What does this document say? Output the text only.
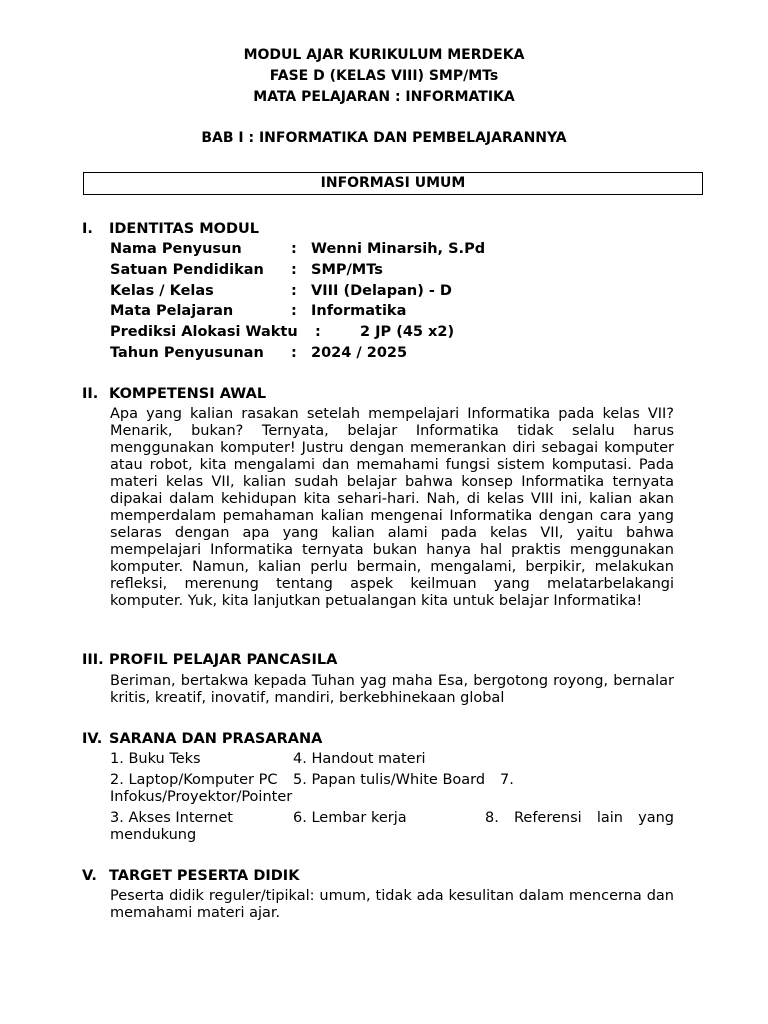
MODUL AJAR KURIKULUM MERDEKA
FASE D (KELAS VIII) SMP/MTs
MATA PELAJARAN : INFORMATIKA
BAB I : INFORMATIKA DAN PEMBELAJARANNYA
INFORMASI UMUM
I. IDENTITAS MODUL
Nama Penyusun	: Wenni Minarsih, S.Pd
Satuan Pendidikan : SMP/MTs
Kelas / Kelas	: VIII (Delapan) - D
Mata Pelajaran	: Informatika
Prediksi Alokasi Waktu :	2 JP (45 x2)
Tahun Penyusunan : 2024 / 2025
II. KOMPETENSI AWAL

Apa yang kalian rasakan setelah mempelajari Informatika pada kelas VII? Menarik, bukan? Ternyata, belajar Informatika tidak selalu harus menggunakan komputer! Justru dengan memerankan diri sebagai komputer atau robot, kita mengalami dan memahami fungsi sistem komputasi. Pada materi kelas VII, kalian sudah belajar bahwa konsep Informatika ternyata dipakai dalam kehidupan kita sehari-hari. Nah, di kelas VIII ini, kalian akan memperdalam pemahaman kalian mengenai Informatika dengan cara yang selaras dengan apa yang kalian alami pada kelas VII, yaitu bahwa mempelajari Informatika ternyata bukan hanya hal praktis menggunakan komputer. Namun, kalian perlu bermain, mengalami, berpikir, melakukan refleksi, merenung tentang aspek keilmuan yang melatarbelakangi komputer. Yuk, kita lanjutkan petualangan kita untuk belajar Informatika!

III. PROFIL PELAJAR PANCASILA

Beriman, bertakwa kepada Tuhan yag maha Esa, bergotong royong, bernalar kritis, kreatif, inovatif, mandiri, berkebhinekaan global

IV. SARANA DAN PRASARANA
1. Buku Teks	4. Handout materi
2. Laptop/Komputer PC 5. Papan tulis/White Board 7.
Infokus/Proyektor/Pointer
3. Akses Internet	6. Lembar kerja	8. Referensi lain yang
mendukung
V. TARGET PESERTA DIDIK

Peserta didik reguler/tipikal: umum, tidak ada kesulitan dalam mencerna dan memahami materi ajar.
